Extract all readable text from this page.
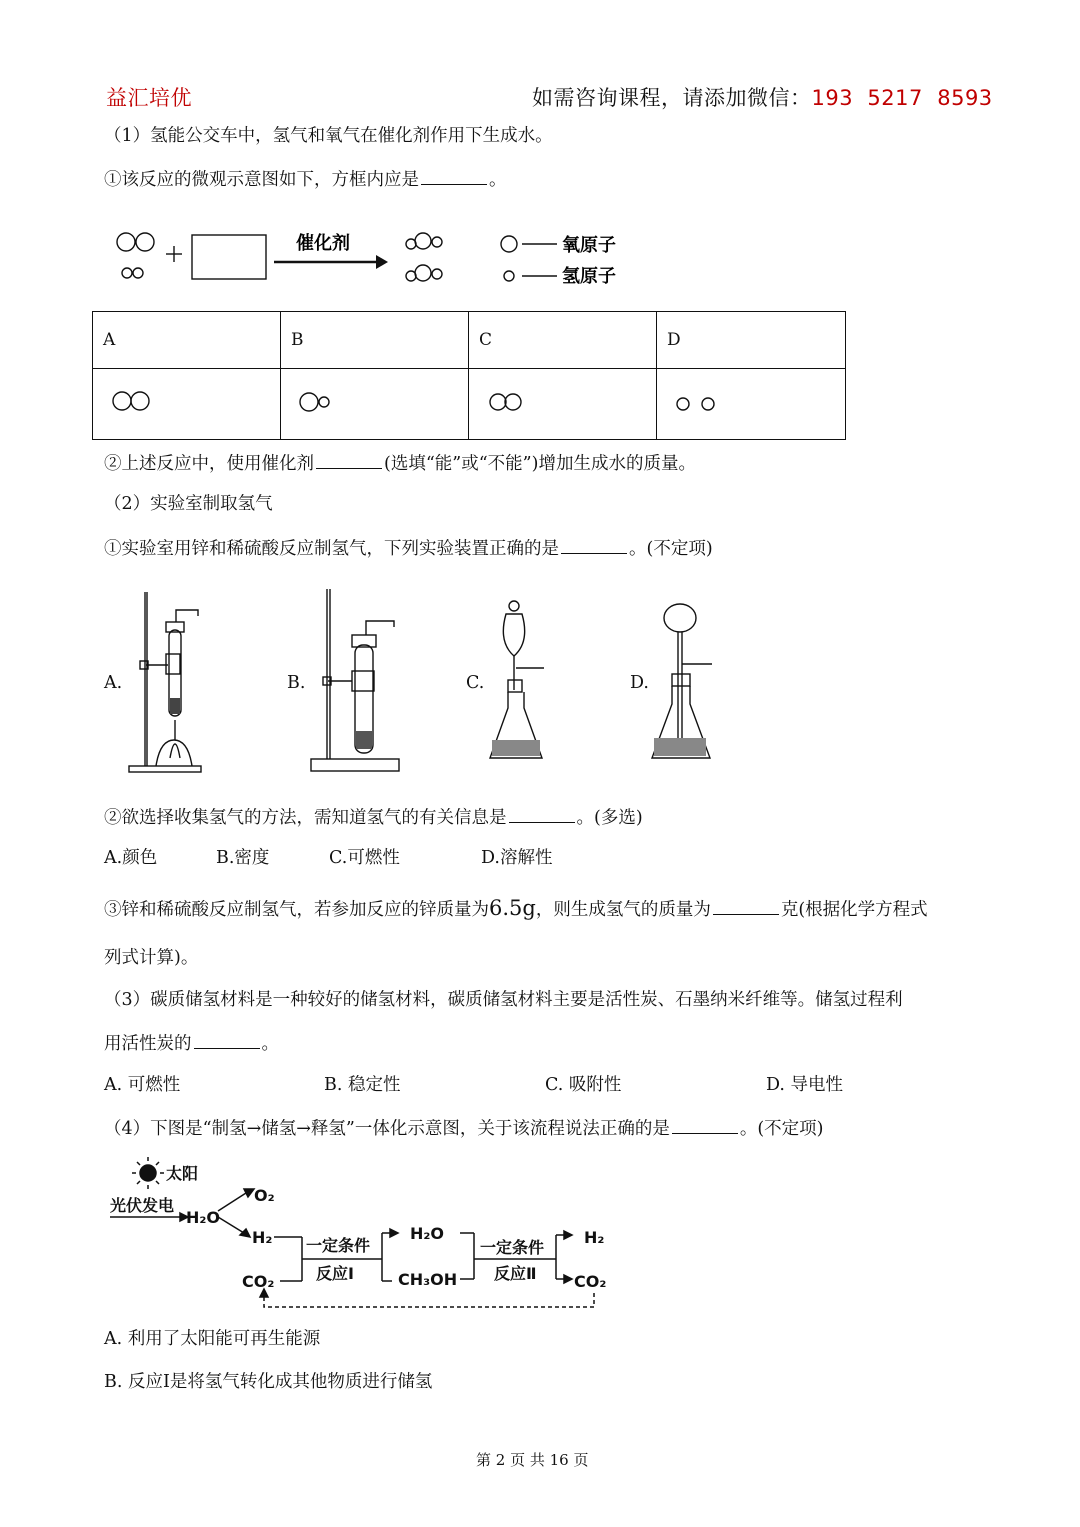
益汇培优	如需咨询课程，请添加微信：193  5217  8593
（1）氢能公交车中，氢气和氧气在催化剂作用下生成水。
①该反应的微观示意图如下，方框内应是	。
催化剂	氧原子
氢原子
A	B	C	D

②上述反应中，使用催化剂	(选填“能”或“不能”)增加生成水的质量。
（2）实验室制取氢气
①实验室用锌和稀硫酸反应制氢气，下列实验装置正确的是	。(不定项)
A.	B.	C.	D.
②欲选择收集氢气的方法，需知道氢气的有关信息是	。(多选)
A.颜色	B.密度	C.可燃性	D.溶解性
③锌和稀硫酸反应制氢气，若参加反应的锌质量为6.5g，则生成氢气的质量为	克(根据化学方程式
列式计算)。
（3）碳质储氢材料是一种较好的储氢材料，碳质储氢材料主要是活性炭、石墨纳米纤维等。储氢过程利
用活性炭的	。
A. 可燃性	B. 稳定性	C. 吸附性	D. 导电性
（4）下图是“制氢→储氢→释氢”一体化示意图，关于该流程说法正确的是	。(不定项)
太阳
光伏发电
H₂O
O₂
H₂
CO₂
一定条件
反应Ⅰ
H₂O
CH₃OH
一定条件
反应Ⅱ
H₂
CO₂
A. 利用了太阳能可再生能源
B. 反应Ⅰ是将氢气转化成其他物质进行储氢
第 2 页 共 16 页
